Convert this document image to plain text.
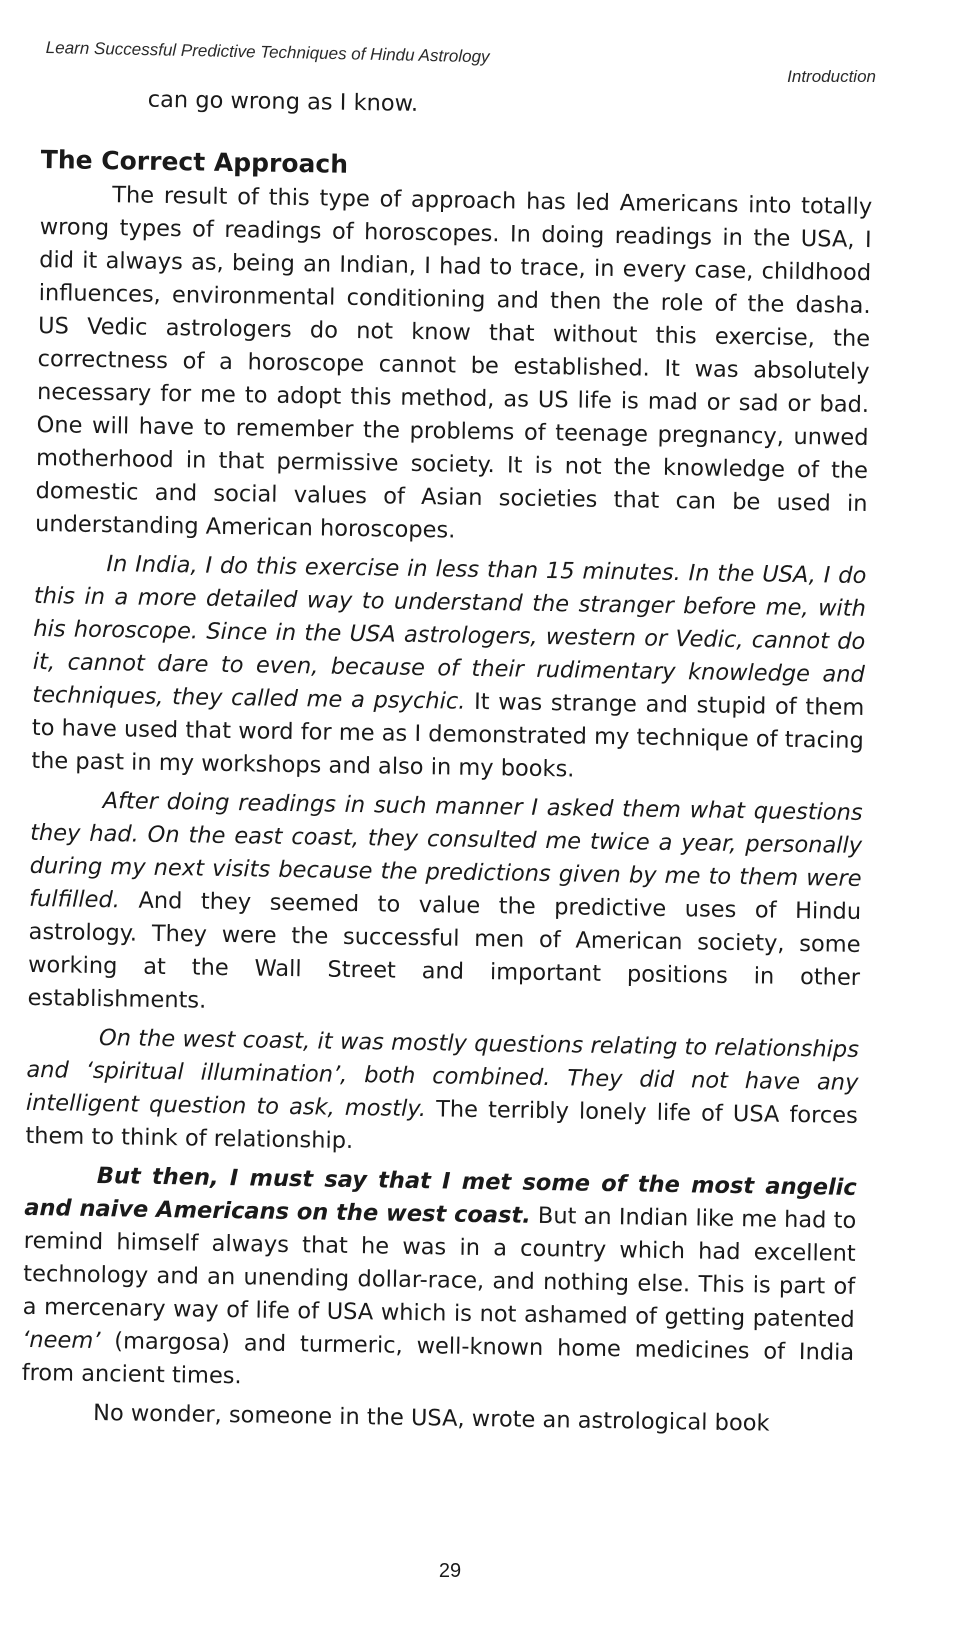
Learn Successful Predictive Techniques of Hindu Astrology
Introduction

can go wrong as I know.

The Correct Approach

The result of this type of approach has led Americans into totally wrong types of readings of horoscopes. In doing readings in the USA, I did it always as, being an Indian, I had to trace, in every case, childhood influences, environmental conditioning and then the role of the dasha. US Vedic astrologers do not know that without this exercise, the correctness of a horoscope cannot be established. It was absolutely necessary for me to adopt this method, as US life is mad or sad or bad. One will have to remember the problems of teenage pregnancy, unwed motherhood in that permissive society. It is not the knowledge of the domestic and social values of Asian societies that can be used in understanding American horoscopes.

In India, I do this exercise in less than 15 minutes. In the USA, I do this in a more detailed way to understand the stranger before me, with his horoscope. Since in the USA astrologers, western or Vedic, cannot do it, cannot dare to even, because of their rudimentary knowledge and techniques, they called me a psychic. It was strange and stupid of them to have used that word for me as I demonstrated my technique of tracing the past in my workshops and also in my books.

After doing readings in such manner I asked them what questions they had. On the east coast, they consulted me twice a year, personally during my next visits because the predictions given by me to them were fulfilled. And they seemed to value the predictive uses of Hindu astrology. They were the successful men of American society, some working at the Wall Street and important positions in other establishments.

On the west coast, it was mostly questions relating to relationships and ‘spiritual illumination’, both combined. They did not have any intelligent question to ask, mostly. The terribly lonely life of USA forces them to think of relationship.

But then, I must say that I met some of the most angelic and naive Americans on the west coast. But an Indian like me had to remind himself always that he was in a country which had excellent technology and an unending dollar-race, and nothing else. This is part of a mercenary way of life of USA which is not ashamed of getting patented ‘neem’ (margosa) and turmeric, well-known home medicines of India from ancient times.

No wonder, someone in the USA, wrote an astrological book

29
